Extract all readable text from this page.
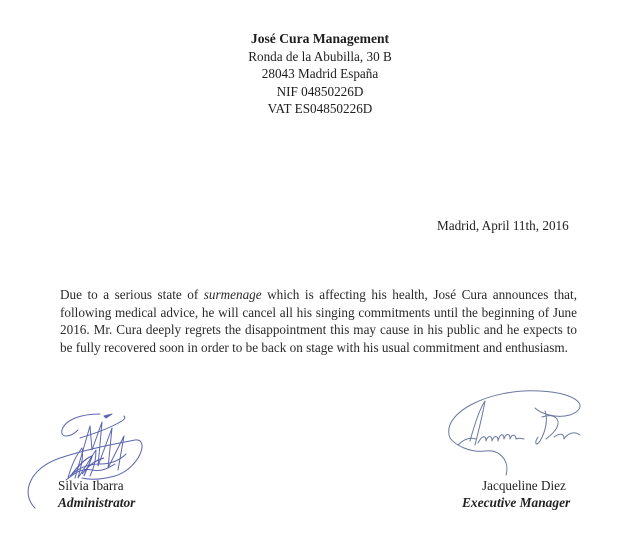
José Cura Management
Ronda de la Abubilla, 30 B
28043 Madrid España
NIF 04850226D
VAT ES04850226D
Madrid, April 11th, 2016

Due to a serious state of surmenage which is affecting his health, José Cura announces that, following medical advice, he will cancel all his singing commitments until the beginning of June 2016. Mr. Cura deeply regrets the disappointment this may cause in his public and he expects to be fully recovered soon in order to be back on stage with his usual commitment and enthusiasm.

Silvia Ibarra
Administrator
Jacqueline Diez
Executive Manager
